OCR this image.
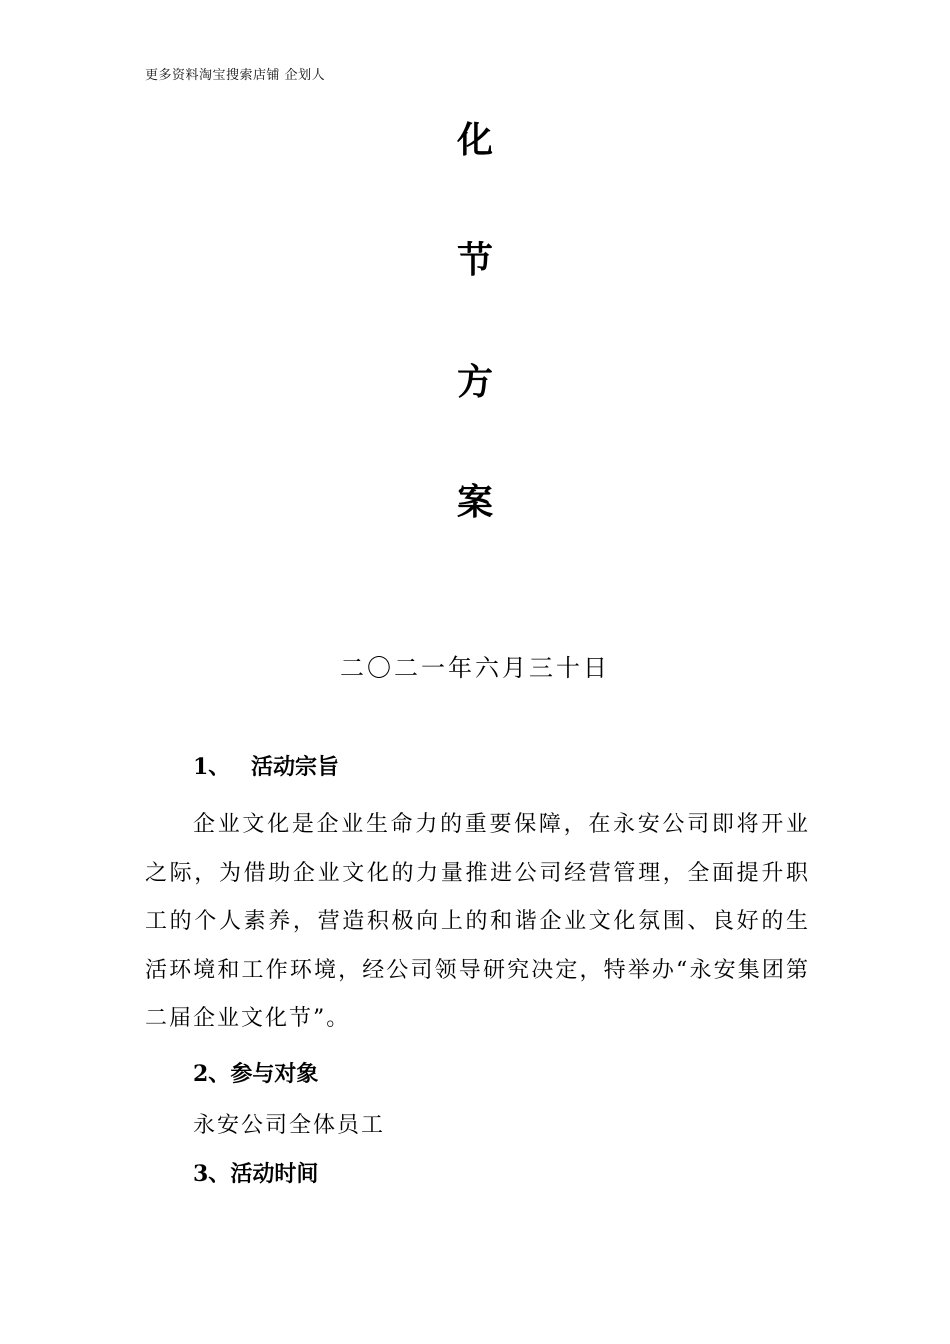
更多资料淘宝搜索店铺 企划人
化
节
方
案
二〇二一年六月三十日
1、 活动宗旨
企业文化是企业生命力的重要保障，在永安公司即将开业之际，为借助企业文化的力量推进公司经营管理，全面提升职工的个人素养，营造积极向上的和谐企业文化氛围、良好的生活环境和工作环境，经公司领导研究决定，特举办“永安集团第二届企业文化节”。
2、参与对象
永安公司全体员工
3、活动时间
